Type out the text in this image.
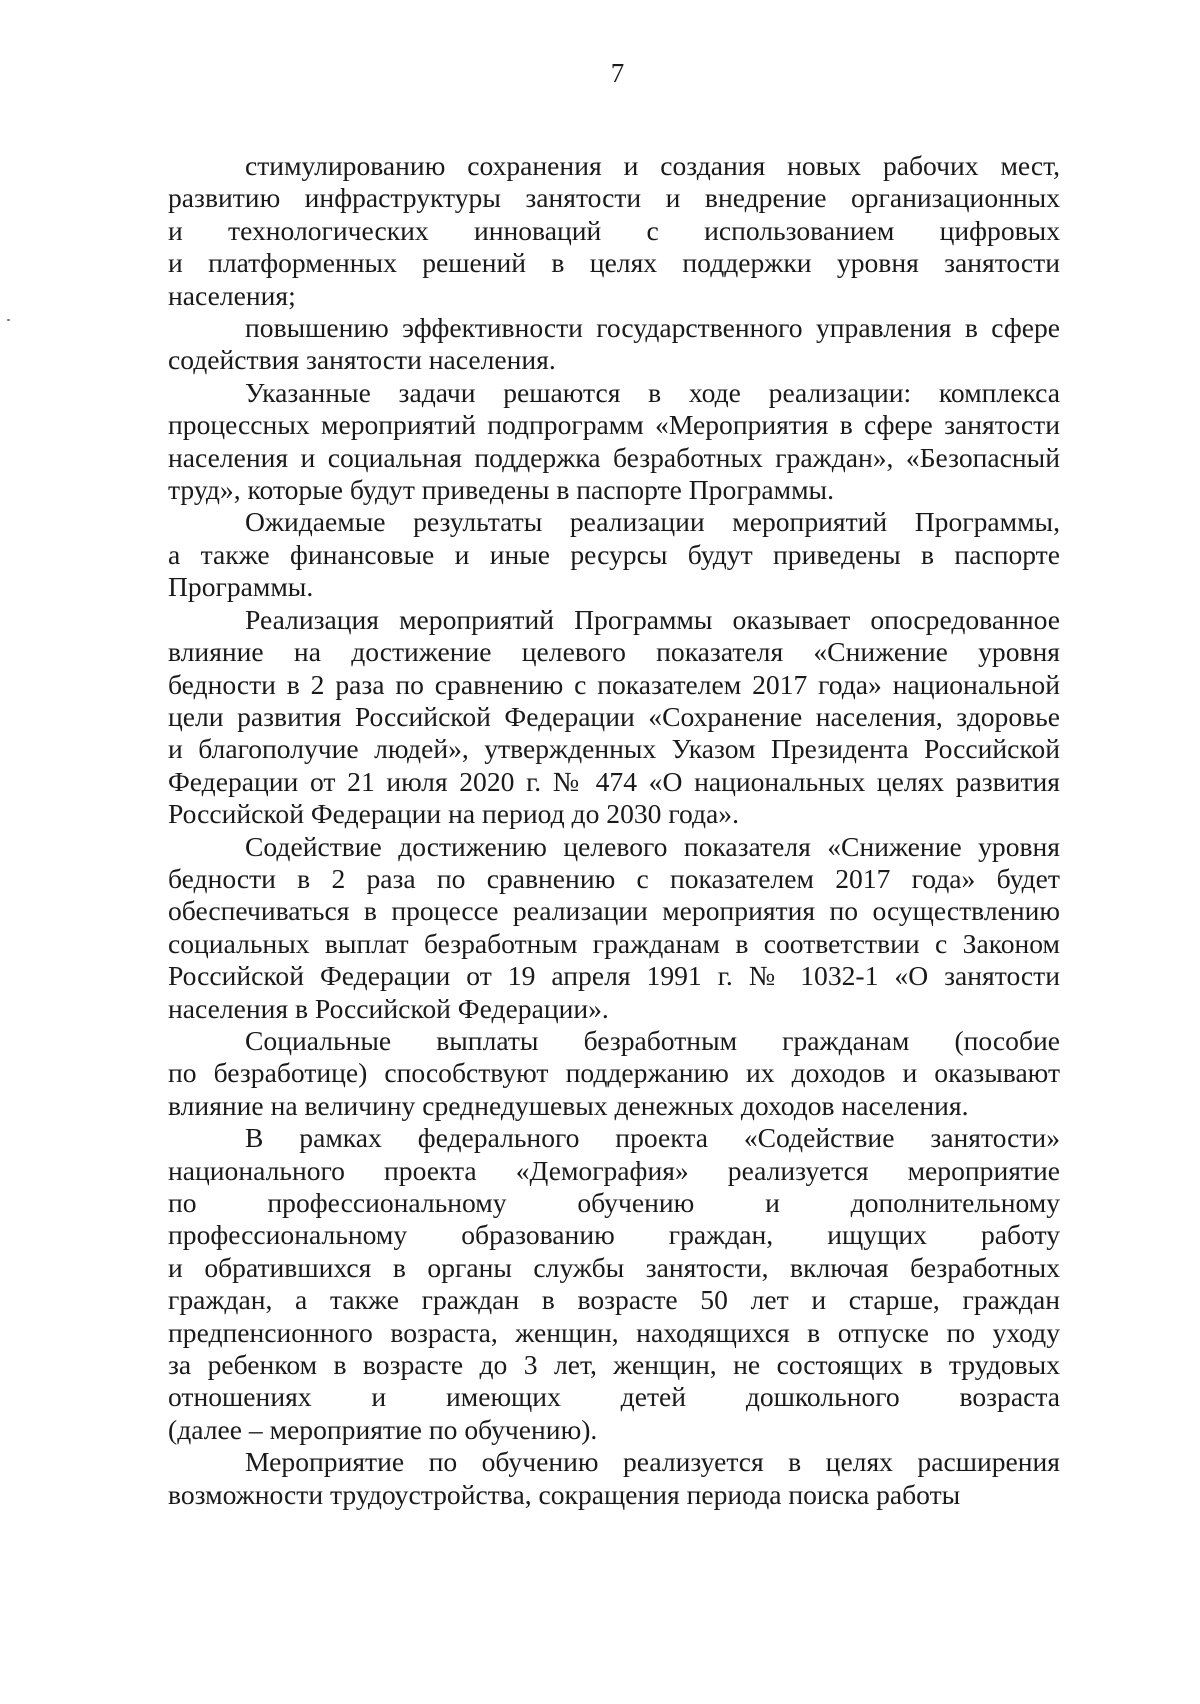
7
стимулированию сохранения и создания новых рабочих мест,
развитию инфраструктуры занятости и внедрение организационных
и технологических инноваций с использованием цифровых
и платформенных решений в целях поддержки уровня занятости
населения;
повышению эффективности государственного управления в сфере
содействия занятости населения.
Указанные задачи решаются в ходе реализации: комплекса
процессных мероприятий подпрограмм «Мероприятия в сфере занятости
населения и социальная поддержка безработных граждан», «Безопасный
труд», которые будут приведены в паспорте Программы.
Ожидаемые результаты реализации мероприятий Программы,
а также финансовые и иные ресурсы будут приведены в паспорте
Программы.
Реализация мероприятий Программы оказывает опосредованное
влияние на достижение целевого показателя «Снижение уровня
бедности в 2 раза по сравнению с показателем 2017 года» национальной
цели развития Российской Федерации «Сохранение населения, здоровье
и благополучие людей», утвержденных Указом Президента Российской
Федерации от 21 июля 2020 г. № 474 «О национальных целях развития
Российской Федерации на период до 2030 года».
Содействие достижению целевого показателя «Снижение уровня
бедности в 2 раза по сравнению с показателем 2017 года» будет
обеспечиваться в процессе реализации мероприятия по осуществлению
социальных выплат безработным гражданам в соответствии с Законом
Российской Федерации от 19 апреля 1991 г. № 1032-1 «О занятости
населения в Российской Федерации».
Социальные выплаты безработным гражданам (пособие
по безработице) способствуют поддержанию их доходов и оказывают
влияние на величину среднедушевых денежных доходов населения.
В рамках федерального проекта «Содействие занятости»
национального проекта «Демография» реализуется мероприятие
по профессиональному обучению и дополнительному
профессиональному образованию граждан, ищущих работу
и обратившихся в органы службы занятости, включая безработных
граждан, а также граждан в возрасте 50 лет и старше, граждан
предпенсионного возраста, женщин, находящихся в отпуске по уходу
за ребенком в возрасте до 3 лет, женщин, не состоящих в трудовых
отношениях и имеющих детей дошкольного возраста
(далее – мероприятие по обучению).
Мероприятие по обучению реализуется в целях расширения
возможности трудоустройства, сокращения периода поиска работы
